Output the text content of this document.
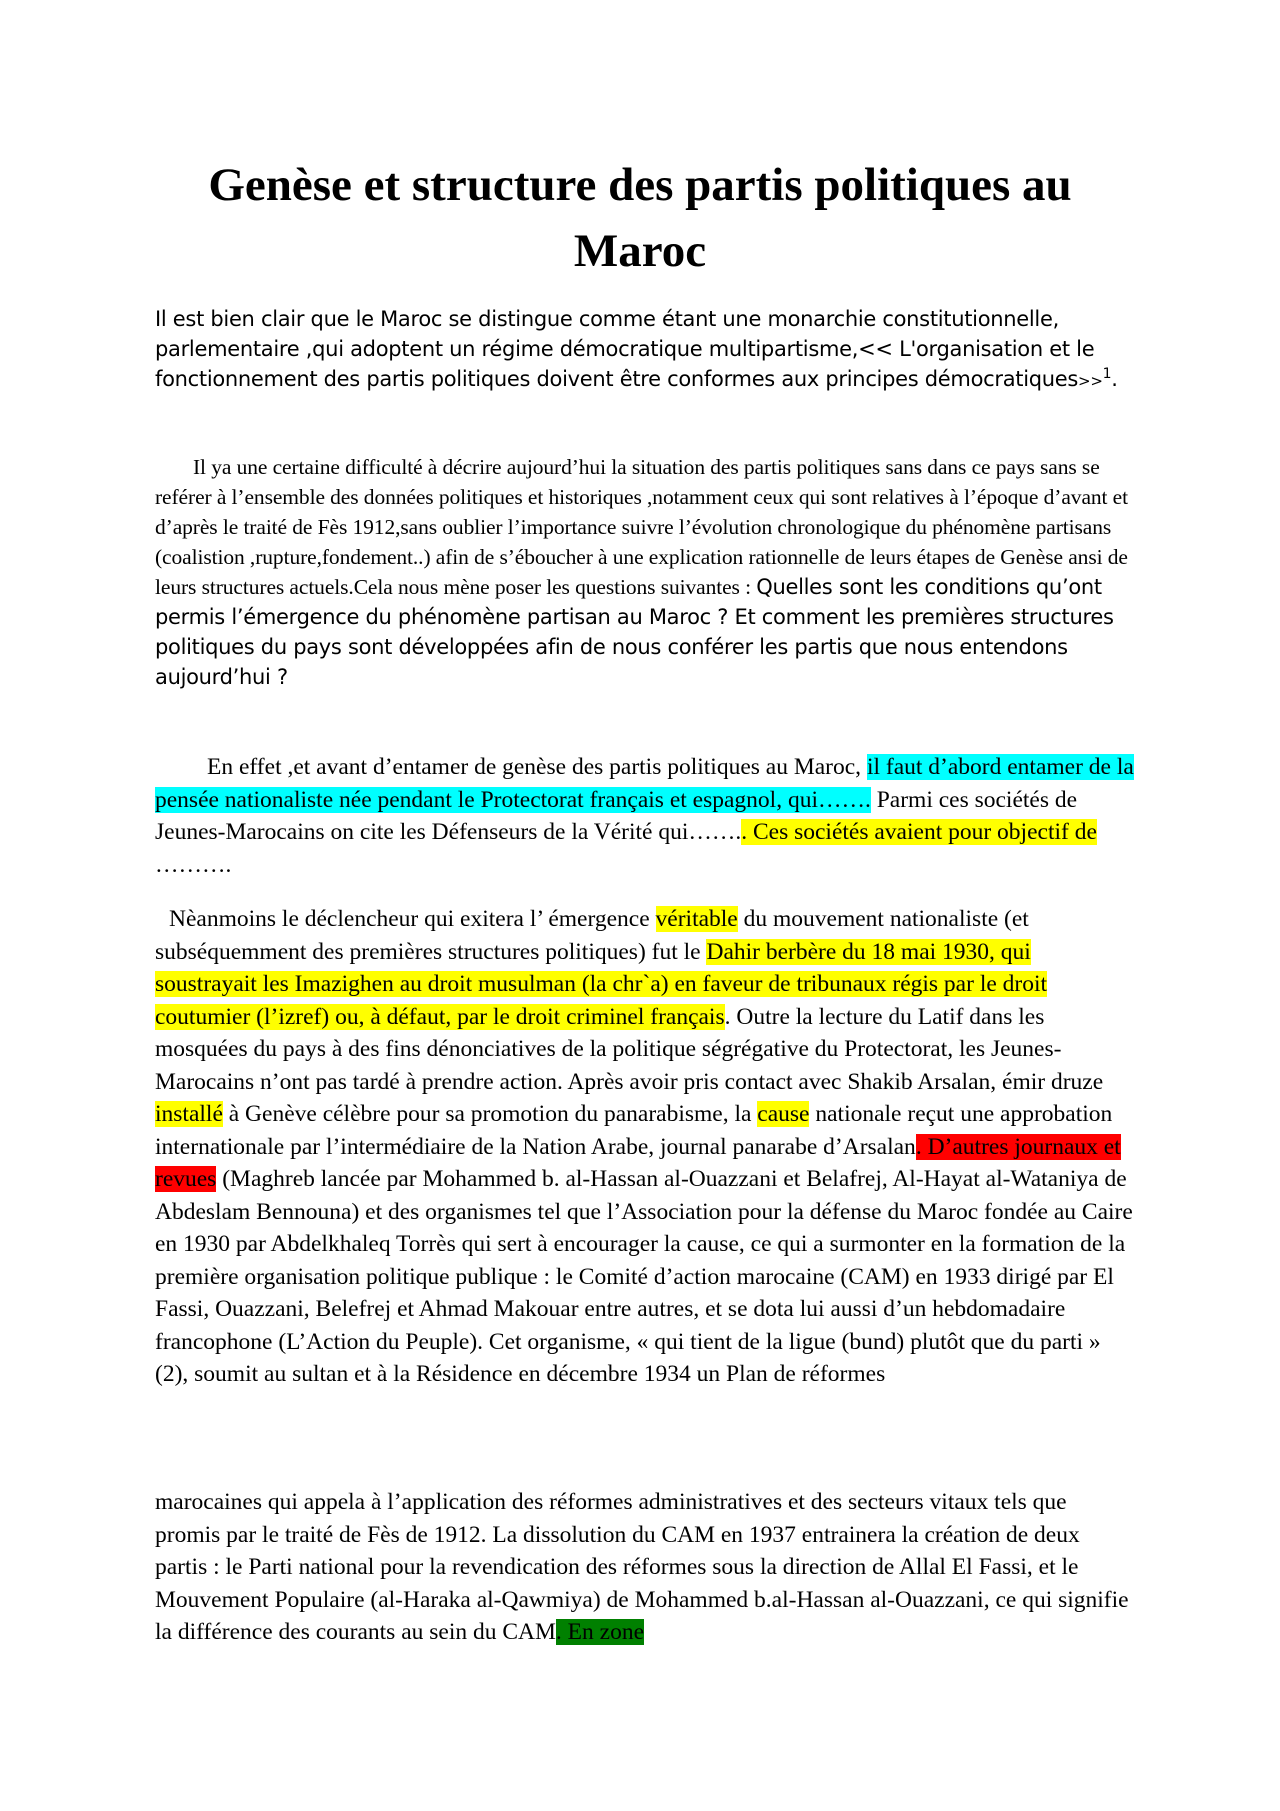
Genèse et structure des partis politiques au Maroc

Il est bien clair que le Maroc se distingue comme étant une monarchie constitutionnelle, parlementaire ,qui adoptent un régime démocratique multipartisme,<< L'organisation et le fonctionnement des partis politiques doivent être conformes aux principes démocratiques>>$^1$.

Il ya une certaine difficulté à décrire aujourd’hui la situation des partis politiques sans dans ce pays sans se reférer à l’ensemble des données politiques et historiques ,notamment ceux qui sont relatives à l’époque d’avant et d’après le traité de Fès 1912,sans oublier l’importance suivre l’évolution chronologique du phénomène partisans (coalistion ,rupture,fondement..) afin de s’éboucher à une explication rationnelle de leurs étapes de Genèse ansi de leurs structures actuels.Cela nous mène poser les questions suivantes : Quelles sont les conditions qu’ont permis l’émergence du phénomène partisan au Maroc ? Et comment les premières structures politiques du pays sont développées afin de nous conférer les partis que nous entendons aujourd’hui ?

En effet ,et avant d’entamer de genèse des partis politiques au Maroc, il faut d’abord entamer de la pensée nationaliste née pendant le Protectorat français et espagnol, qui……. Parmi ces sociétés de Jeunes-Marocains on cite les Défenseurs de la Vérité qui…….. Ces sociétés avaient pour objectif de ……….

Nèanmoins le déclencheur qui exitera l’ émergence véritable du mouvement nationaliste (et subséquemment des premières structures politiques) fut le Dahir berbère du 18 mai 1930, qui soustrayait les Imazighen au droit musulman (la chr`a) en faveur de tribunaux régis par le droit coutumier (l’izref) ou, à défaut, par le droit criminel français. Outre la lecture du Latif dans les mosquées du pays à des fins dénonciatives de la politique ségrégative du Protectorat, les Jeunes-Marocains n’ont pas tardé à prendre action. Après avoir pris contact avec Shakib Arsalan, émir druze installé à Genève célèbre pour sa promotion du panarabisme, la cause nationale reçut une approbation internationale par l’intermédiaire de la Nation Arabe, journal panarabe d’Arsalan. D’autres journaux et revues (Maghreb lancée par Mohammed b. al-Hassan al-Ouazzani et Belafrej, Al-Hayat al-Wataniya de Abdeslam Bennouna) et des organismes tel que l’Association pour la défense du Maroc fondée au Caire en 1930 par Abdelkhaleq Torrès qui sert à encourager la cause, ce qui a surmonter en la formation de la première organisation politique publique : le Comité d’action marocaine (CAM) en 1933 dirigé par El Fassi, Ouazzani, Belefrej et Ahmad Makouar entre autres, et se dota lui aussi d’un hebdomadaire francophone (L’Action du Peuple). Cet organisme, « qui tient de la ligue (bund) plutôt que du parti » (2), soumit au sultan et à la Résidence en décembre 1934 un Plan de réformes

marocaines qui appela à l’application des réformes administratives et des secteurs vitaux tels que promis par le traité de Fès de 1912. La dissolution du CAM en 1937 entrainera la création de deux partis : le Parti national pour la revendication des réformes sous la direction de Allal El Fassi, et le Mouvement Populaire (al-Haraka al-Qawmiya) de Mohammed b.al-Hassan al-Ouazzani, ce qui signifie la différence des courants au sein du CAM. En zone
